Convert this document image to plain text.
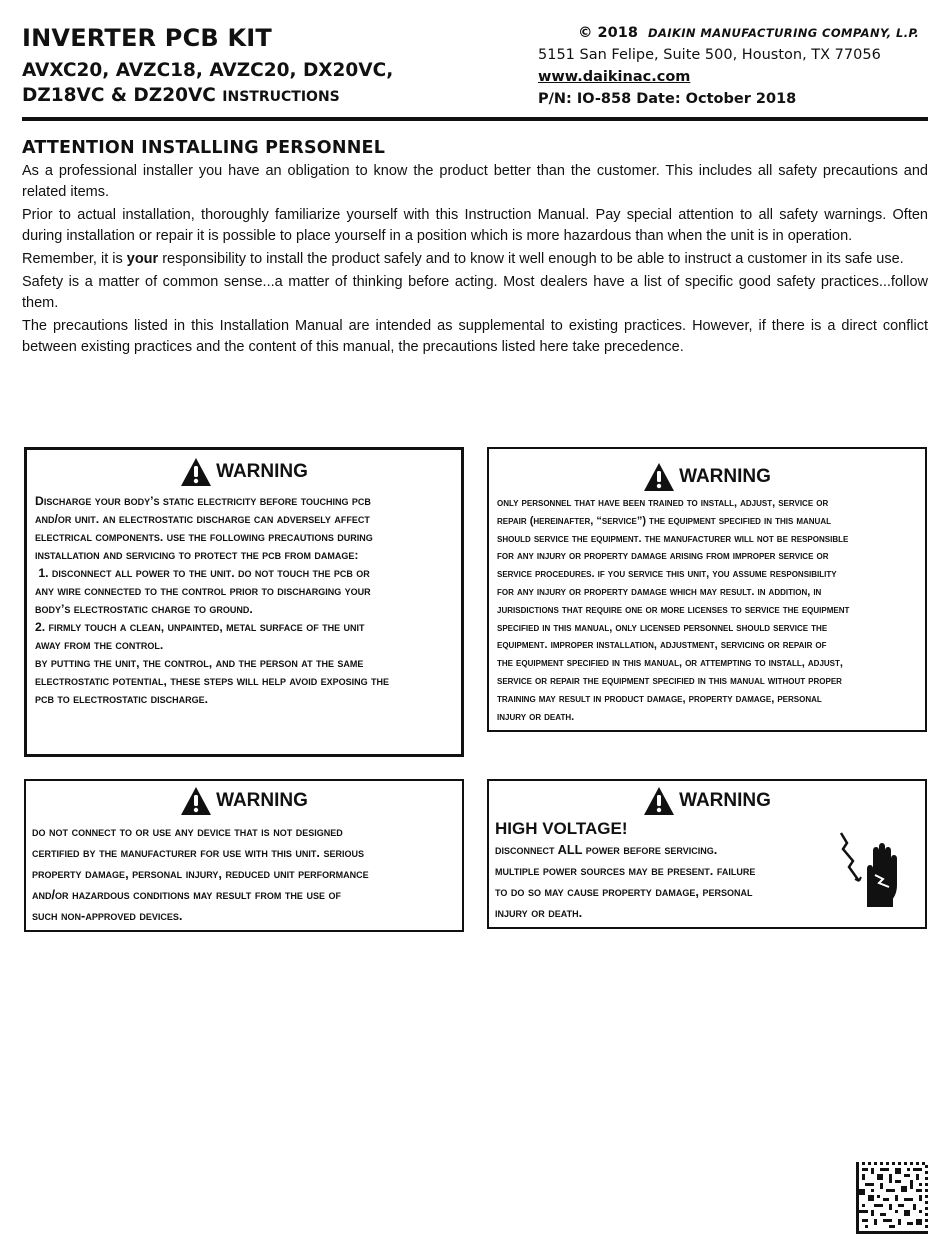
INVERTER PCB KIT
AVXC20, AVZC18, AVZC20, DX20VC,
DZ18VC & DZ20VC INSTRUCTIONS
© 2018 DAIKIN MANUFACTURING COMPANY, L.P.
5151 San Felipe, Suite 500, Houston, TX 77056
www.daikinac.com
P/N: IO-858 Date: October 2018
ATTENTION INSTALLING PERSONNEL

As a professional installer you have an obligation to know the product better than the customer. This includes all safety precautions and related items.

Prior to actual installation, thoroughly familiarize yourself with this Instruction Manual. Pay special attention to all safety warnings. Often during installation or repair it is possible to place yourself in a position which is more hazardous than when the unit is in operation.

Remember, it is your responsibility to install the product safely and to know it well enough to be able to instruct a customer in its safe use.

Safety is a matter of common sense...a matter of thinking before acting. Most dealers have a list of specific good safety practices...follow them.

The precautions listed in this Installation Manual are intended as supplemental to existing practices. However, if there is a direct conflict between existing practices and the content of this manual, the precautions listed here take precedence.

WARNING
Discharge your body’s static electricity before touching pcb
and/or unit. an electrostatic discharge can adversely affect
electrical components. use the following precautions during
installation and servicing to protect the pcb from damage:
1. disconnect all power to the unit. do not touch the pcb or
any wire connected to the control prior to discharging your
body’s electrostatic charge to ground.
2. firmly touch a clean, unpainted, metal surface of the unit
away from the control.
by putting the unit, the control, and the person at the same
electrostatic potential, these steps will help avoid exposing the
pcb to electrostatic discharge.
WARNING
only personnel that have been trained to install, adjust, service or
repair (hereinafter, “service”) the equipment specified in this manual
should service the equipment. the manufacturer will not be responsible
for any injury or property damage arising from improper service or
service procedures. if you service this unit, you assume responsibility
for any injury or property damage which may result. in addition, in
jurisdictions that require one or more licenses to service the equipment
specified in this manual, only licensed personnel should service the
equipment. improper installation, adjustment, servicing or repair of
the equipment specified in this manual, or attempting to install, adjust,
service or repair the equipment specified in this manual without proper
training may result in product damage, property damage, personal
injury or death.
WARNING
do not connect to or use any device that is not designed
certified by the manufacturer for use with this unit. serious
property damage, personal injury, reduced unit performance
and/or hazardous conditions may result from the use of
such non-approved devices.
WARNING
HIGH VOLTAGE!
disconnect ALL power before servicing.
multiple power sources may be present. failure
to do so may cause property damage, personal
injury or death.
